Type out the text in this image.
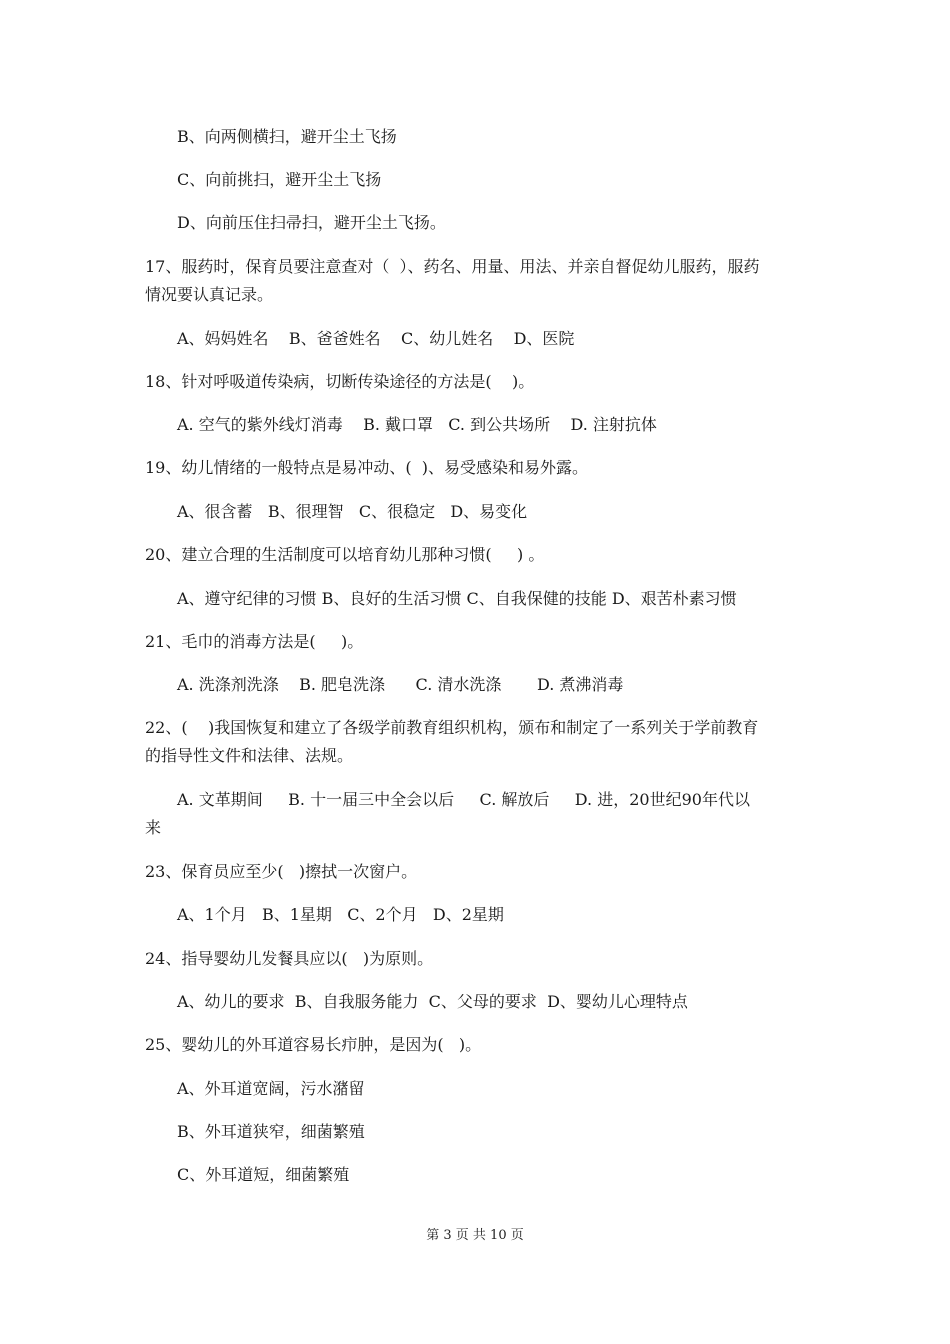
B、向两侧横扫，避开尘土飞扬
C、向前挑扫，避开尘土飞扬
D、向前压住扫帚扫，避开尘土飞扬。
17、服药时，保育员要注意查对（  ）、药名、用量、用法、并亲自督促幼儿服药，服药
情况要认真记录。
A、妈妈姓名    B、爸爸姓名    C、幼儿姓名    D、医院
18、针对呼吸道传染病，切断传染途径的方法是(    )。
A. 空气的紫外线灯消毒    B. 戴口罩   C. 到公共场所    D. 注射抗体
19、幼儿情绪的一般特点是易冲动、(  )、易受感染和易外露。
A、很含蓄   B、很理智   C、很稳定   D、易变化
20、建立合理的生活制度可以培育幼儿那种习惯(     ) 。
A、遵守纪律的习惯 B、良好的生活习惯 C、自我保健的技能 D、艰苦朴素习惯
21、毛巾的消毒方法是(     )。
A. 洗涤剂洗涤    B. 肥皂洗涤      C. 清水洗涤       D. 煮沸消毒
22、(    )我国恢复和建立了各级学前教育组织机构，颁布和制定了一系列关于学前教育
的指导性文件和法律、法规。
A. 文革期间     B. 十一届三中全会以后     C. 解放后     D. 进，20世纪90年代以
来
23、保育员应至少(   )擦拭一次窗户。
A、1个月   B、1星期   C、2个月   D、2星期
24、指导婴幼儿发餐具应以(   )为原则。
A、幼儿的要求  B、自我服务能力  C、父母的要求  D、婴幼儿心理特点
25、婴幼儿的外耳道容易长疖肿，是因为(   )。
A、外耳道宽阔，污水潴留
B、外耳道狭窄，细菌繁殖
C、外耳道短，细菌繁殖
第 3 页 共 10 页
